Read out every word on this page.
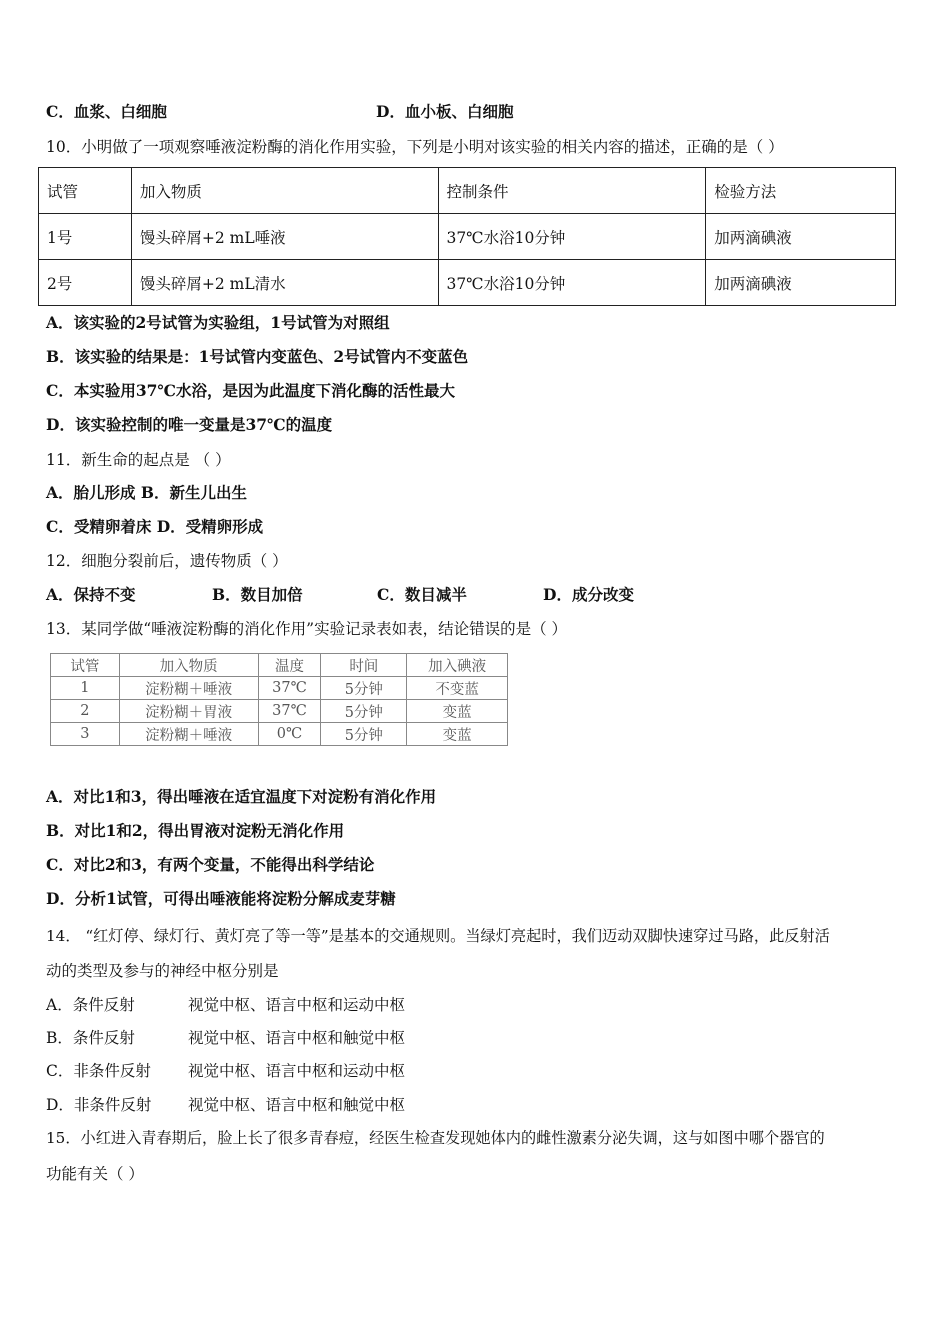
C．血浆、白细胞	D．血小板、白细胞
10．小明做了一项观察唾液淀粉酶的消化作用实验，下列是小明对该实验的相关内容的描述，正确的是（ ）
试管	加入物质	控制条件	检验方法
1号	馒头碎屑+2 mL唾液	37℃水浴10分钟	加两滴碘液
2号	馒头碎屑+2 mL清水	37℃水浴10分钟	加两滴碘液
A．该实验的2号试管为实验组，1号试管为对照组
B．该实验的结果是：1号试管内变蓝色、2号试管内不变蓝色
C．本实验用37℃水浴，是因为此温度下消化酶的活性最大
D．该实验控制的唯一变量是37℃的温度
11．新生命的起点是 （ ）
A．胎儿形成 B．新生儿出生
C．受精卵着床 D．受精卵形成
12．细胞分裂前后，遗传物质（ ）
A．保持不变	B．数目加倍	C．数目减半	D．成分改变
13．某同学做“唾液淀粉酶的消化作用”实验记录表如表，结论错误的是（ ）
试管	加入物质	温度	时间	加入碘液
1	淀粉糊＋唾液	37℃	5分钟	不变蓝
2	淀粉糊＋胃液	37℃	5分钟	变蓝
3	淀粉糊＋唾液	0℃	5分钟	变蓝
A．对比1和3，得出唾液在适宜温度下对淀粉有消化作用
B．对比1和2，得出胃液对淀粉无消化作用
C．对比2和3，有两个变量，不能得出科学结论
D．分析1试管，可得出唾液能将淀粉分解成麦芽糖
14． “红灯停、绿灯行、黄灯亮了等一等”是基本的交通规则。当绿灯亮起时，我们迈动双脚快速穿过马路，此反射活
动的类型及参与的神经中枢分别是
A．条件反射	视觉中枢、语言中枢和运动中枢
B．条件反射	视觉中枢、语言中枢和触觉中枢
C．非条件反射 视觉中枢、语言中枢和运动中枢
D．非条件反射 视觉中枢、语言中枢和触觉中枢
15．小红进入青春期后，脸上长了很多青春痘，经医生检查发现她体内的雌性激素分泌失调，这与如图中哪个器官的
功能有关（ ）
